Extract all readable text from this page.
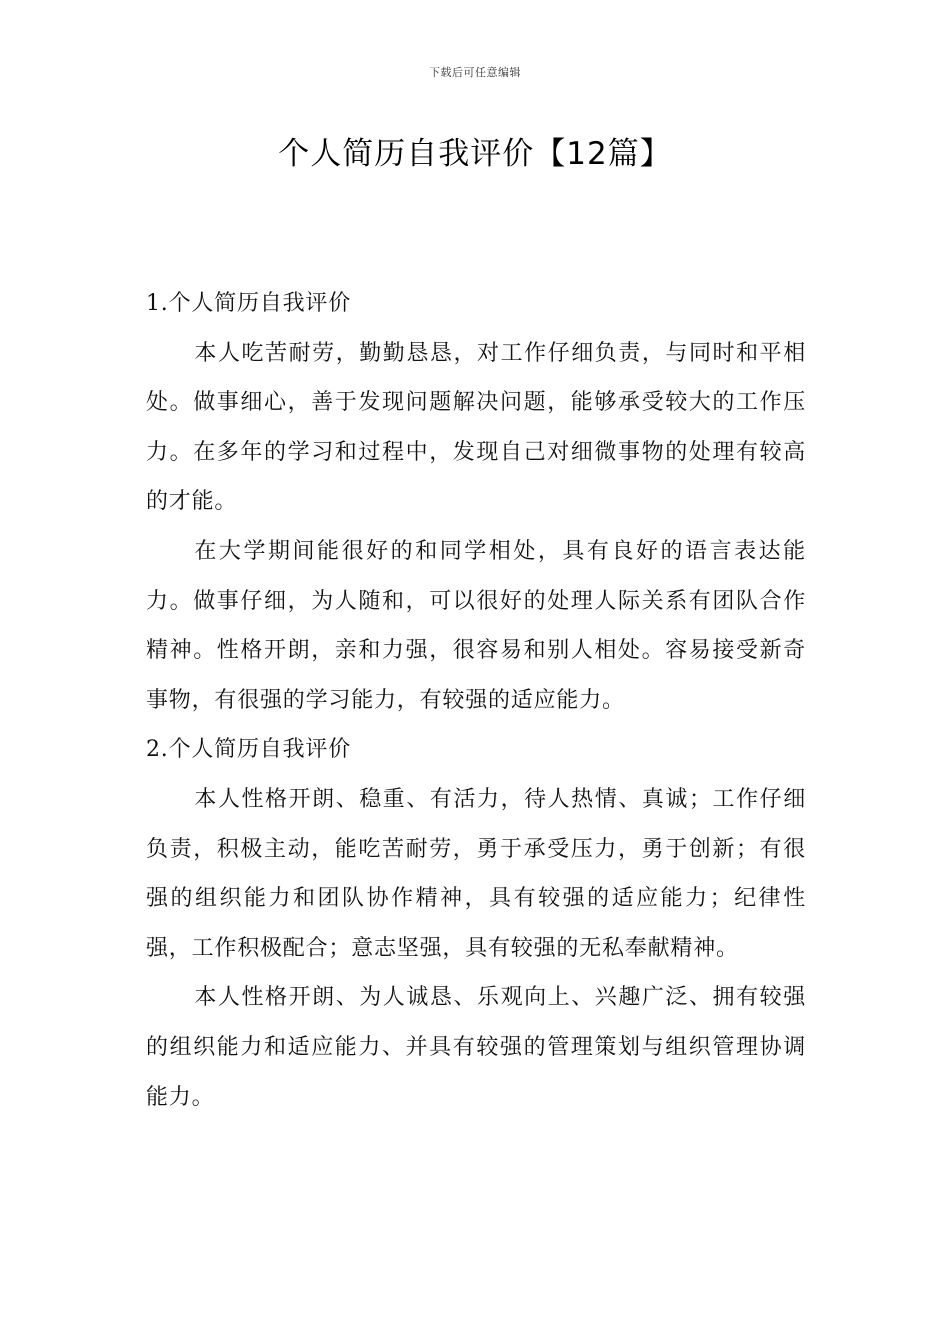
下载后可任意编辑
个人简历自我评价【12篇】
1.个人简历自我评价

本人吃苦耐劳，勤勤恳恳，对工作仔细负责，与同时和平相处。做事细心，善于发现问题解决问题，能够承受较大的工作压力。在多年的学习和过程中，发现自己对细微事物的处理有较高的才能。

在大学期间能很好的和同学相处，具有良好的语言表达能力。做事仔细，为人随和，可以很好的处理人际关系有团队合作精神。性格开朗，亲和力强，很容易和别人相处。容易接受新奇事物，有很强的学习能力，有较强的适应能力。

2.个人简历自我评价

本人性格开朗、稳重、有活力，待人热情、真诚；工作仔细负责，积极主动，能吃苦耐劳，勇于承受压力，勇于创新；有很强的组织能力和团队协作精神，具有较强的适应能力；纪律性强，工作积极配合；意志坚强，具有较强的无私奉献精神。

本人性格开朗、为人诚恳、乐观向上、兴趣广泛、拥有较强的组织能力和适应能力、并具有较强的管理策划与组织管理协调能力。
